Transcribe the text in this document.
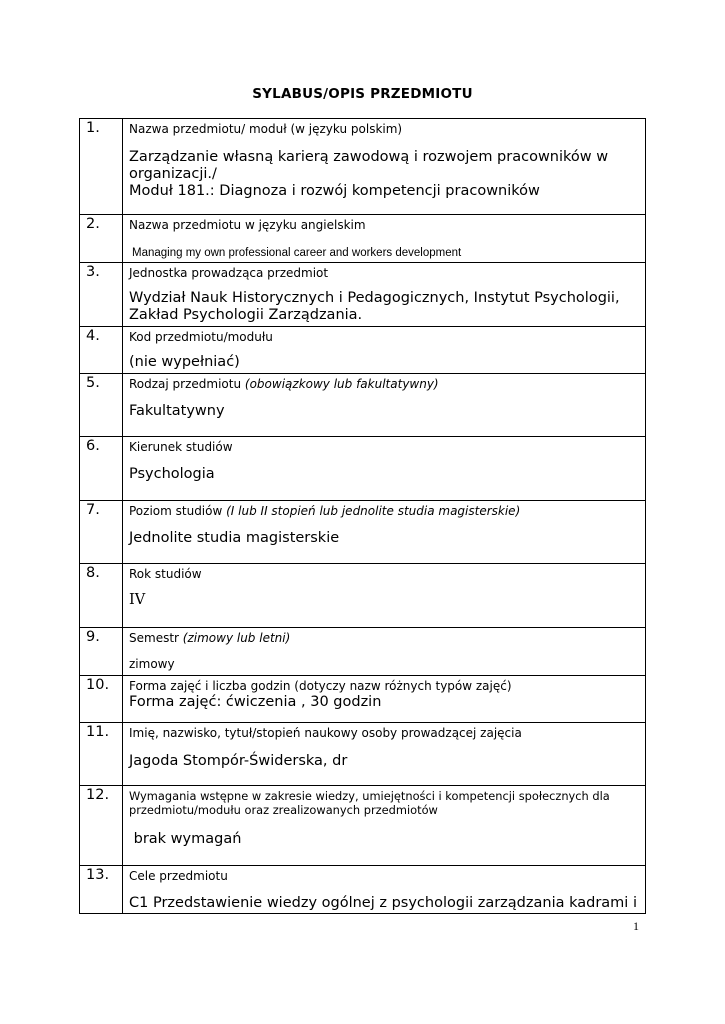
SYLABUS/OPIS PRZEDMIOTU
1.	Nazwa przedmiotu/ moduł (w języku polskim)
Zarządzanie własną karierą zawodową i rozwojem pracowników w
organizacji./
Moduł 181.: Diagnoza i rozwój kompetencji pracowników

2.	Nazwa przedmiotu w języku angielskim
Managing my own professional career and workers development

3.	Jednostka prowadząca przedmiot
Wydział Nauk Historycznych i Pedagogicznych, Instytut Psychologii,
Zakład Psychologii Zarządzania.

4.	Kod przedmiotu/modułu
(nie wypełniać)

5.	Rodzaj przedmiotu (obowiązkowy lub fakultatywny)
Fakultatywny

6.	Kierunek studiów
Psychologia

7.	Poziom studiów (I lub II stopień lub jednolite studia magisterskie)
Jednolite studia magisterskie

8.	Rok studiów
IV

9.	Semestr (zimowy lub letni)
zimowy

10.	Forma zajęć i liczba godzin (dotyczy nazw różnych typów zajęć)
Forma zajęć: ćwiczenia , 30 godzin

11.	Imię, nazwisko, tytuł/stopień naukowy osoby prowadzącej zajęcia
Jagoda Stompór-Świderska, dr

12.	Wymagania wstępne w zakresie wiedzy, umiejętności i kompetencji społecznych dla przedmiotu/modułu oraz zrealizowanych przedmiotów
brak wymagań

13.	Cele przedmiotu
C1 Przedstawienie wiedzy ogólnej z psychologii zarządzania kadrami i
1
